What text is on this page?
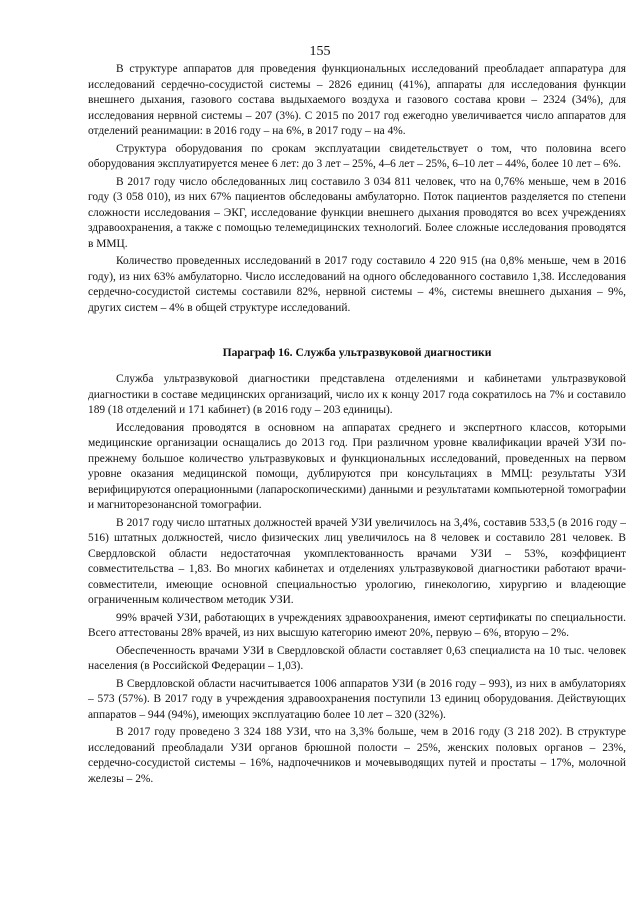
155

В структуре аппаратов для проведения функциональных исследований преобладает аппаратура для исследований сердечно-сосудистой системы – 2826 единиц (41%), аппараты для исследования функции внешнего дыхания, газового состава выдыхаемого воздуха и газового состава крови – 2324 (34%), для исследования нервной системы – 207 (3%). С 2015 по 2017 год ежегодно увеличивается число аппаратов для отделений реанимации: в 2016 году – на 6%, в 2017 году – на 4%.

Структура оборудования по срокам эксплуатации свидетельствует о том, что половина всего оборудования эксплуатируется менее 6 лет: до 3 лет – 25%, 4–6 лет – 25%, 6–10 лет – 44%, более 10 лет – 6%.

В 2017 году число обследованных лиц составило 3 034 811 человек, что на 0,76% меньше, чем в 2016 году (3 058 010), из них 67% пациентов обследованы амбулаторно. Поток пациентов разделяется по степени сложности исследования – ЭКГ, исследование функции внешнего дыхания проводятся во всех учреждениях здравоохранения, а также с помощью телемедицинских технологий. Более сложные исследования проводятся в ММЦ.

Количество проведенных исследований в 2017 году составило 4 220 915 (на 0,8% меньше, чем в 2016 году), из них 63% амбулаторно. Число исследований на одного обследованного составило 1,38. Исследования сердечно-сосудистой системы составили 82%, нервной системы – 4%, системы внешнего дыхания – 9%, других систем – 4% в общей структуре исследований.

Параграф 16. Служба ультразвуковой диагностики

Служба ультразвуковой диагностики представлена отделениями и кабинетами ультразвуковой диагностики в составе медицинских организаций, число их к концу 2017 года сократилось на 7% и составило 189 (18 отделений и 171 кабинет) (в 2016 году – 203 единицы).

Исследования проводятся в основном на аппаратах среднего и экспертного классов, которыми медицинские организации оснащались до 2013 год. При различном уровне квалификации врачей УЗИ по-прежнему большое количество ультразвуковых и функциональных исследований, проведенных на первом уровне оказания медицинской помощи, дублируются при консультациях в ММЦ: результаты УЗИ верифицируются операционными (лапароскопическими) данными и результатами компьютерной томографии и магниторезонансной томографии.

В 2017 году число штатных должностей врачей УЗИ увеличилось на 3,4%, составив 533,5 (в 2016 году – 516) штатных должностей, число физических лиц увеличилось на 8 человек и составило 281 человек. В Свердловской области недостаточная укомплектованность врачами УЗИ – 53%, коэффициент совместительства – 1,83. Во многих кабинетах и отделениях ультразвуковой диагностики работают врачи-совместители, имеющие основной специальностью урологию, гинекологию, хирургию и владеющие ограниченным количеством методик УЗИ.

99% врачей УЗИ, работающих в учреждениях здравоохранения, имеют сертификаты по специальности. Всего аттестованы 28% врачей, из них высшую категорию имеют 20%, первую – 6%, вторую – 2%.

Обеспеченность врачами УЗИ в Свердловской области составляет 0,63 специалиста на 10 тыс. человек населения (в Российской Федерации – 1,03).

В Свердловской области насчитывается 1006 аппаратов УЗИ (в 2016 году – 993), из них в амбулаториях – 573 (57%). В 2017 году в учреждения здравоохранения поступили 13 единиц оборудования. Действующих аппаратов – 944 (94%), имеющих эксплуатацию более 10 лет – 320 (32%).

В 2017 году проведено 3 324 188 УЗИ, что на 3,3% больше, чем в 2016 году (3 218 202). В структуре исследований преобладали УЗИ органов брюшной полости – 25%, женских половых органов – 23%, сердечно-сосудистой системы – 16%, надпочечников и мочевыводящих путей и простаты – 17%, молочной железы – 2%.
